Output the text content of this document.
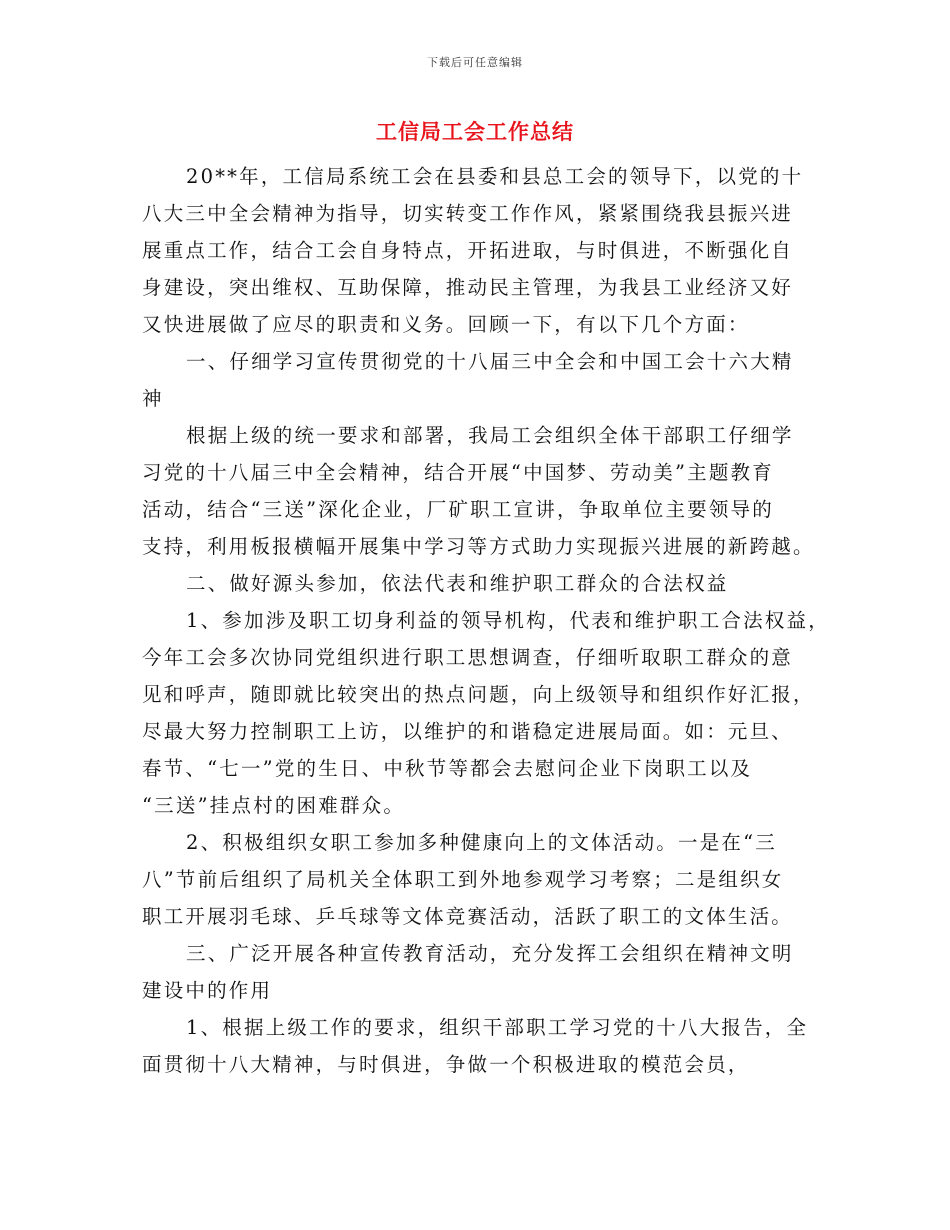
下载后可任意编辑
工信局工会工作总结
20**年，工信局系统工会在县委和县总工会的领导下，以党的十
八大三中全会精神为指导，切实转变工作作风，紧紧围绕我县振兴进
展重点工作，结合工会自身特点，开拓进取，与时俱进，不断强化自
身建设，突出维权、互助保障，推动民主管理，为我县工业经济又好
又快进展做了应尽的职责和义务。回顾一下，有以下几个方面：
一、仔细学习宣传贯彻党的十八届三中全会和中国工会十六大精
神
根据上级的统一要求和部署，我局工会组织全体干部职工仔细学
习党的十八届三中全会精神，结合开展“中国梦、劳动美”主题教育
活动，结合“三送”深化企业，厂矿职工宣讲，争取单位主要领导的
支持，利用板报横幅开展集中学习等方式助力实现振兴进展的新跨越。
二、做好源头参加，依法代表和维护职工群众的合法权益
1、参加涉及职工切身利益的领导机构，代表和维护职工合法权益，
今年工会多次协同党组织进行职工思想调查，仔细听取职工群众的意
见和呼声，随即就比较突出的热点问题，向上级领导和组织作好汇报，
尽最大努力控制职工上访，以维护的和谐稳定进展局面。如：元旦、
春节、“七一”党的生日、中秋节等都会去慰问企业下岗职工以及
“三送”挂点村的困难群众。
2、积极组织女职工参加多种健康向上的文体活动。一是在“三
八”节前后组织了局机关全体职工到外地参观学习考察；二是组织女
职工开展羽毛球、乒乓球等文体竞赛活动，活跃了职工的文体生活。
三、广泛开展各种宣传教育活动，充分发挥工会组织在精神文明
建设中的作用
1、根据上级工作的要求，组织干部职工学习党的十八大报告，全
面贯彻十八大精神，与时俱进，争做一个积极进取的模范会员，
